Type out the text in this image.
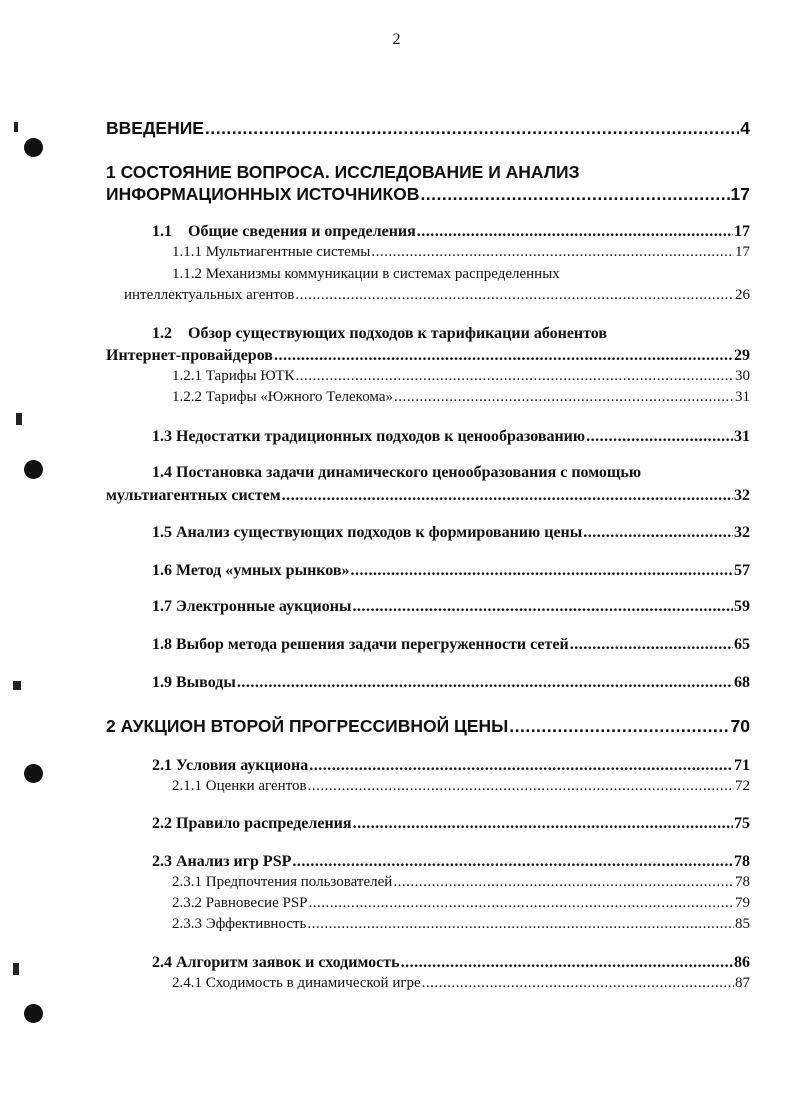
2
ВВЕДЕНИЕ .....	4
1 СОСТОЯНИЕ ВОПРОСА. ИССЛЕДОВАНИЕ И АНАЛИЗ
ИНФОРМАЦИОННЫХ ИСТОЧНИКОВ .....	17
1.1    Общие сведения и определения .....	17
1.1.1 Мультиагентные системы .....	17
1.1.2 Механизмы коммуникации в системах распределенных
интеллектуальных агентов .....	26
1.2    Обзор существующих подходов к тарификации абонентов
Интернет-провайдеров .....	29
1.2.1 Тарифы ЮТК .....	30
1.2.2 Тарифы «Южного Телекома» .....	31
1.3 Недостатки традиционных подходов к ценообразованию .....	31
1.4 Постановка задачи динамического ценообразования с помощью
мультиагентных систем .....	32
1.5 Анализ существующих подходов к формированию цены .....	32
1.6 Метод «умных рынков» .....	57
1.7 Электронные аукционы .....	59
1.8 Выбор метода решения задачи перегруженности сетей .....	65
1.9 Выводы .....	68
2 АУКЦИОН ВТОРОЙ ПРОГРЕССИВНОЙ ЦЕНЫ .....	70
2.1 Условия аукциона .....	71
2.1.1 Оценки агентов .....	72
2.2 Правило распределения .....	75
2.3 Анализ игр PSP .....	78
2.3.1 Предпочтения пользователей .....	78
2.3.2 Равновесие PSP .....	79
2.3.3 Эффективность .....	85
2.4 Алгоритм заявок и сходимость .....	86
2.4.1 Сходимость в динамической игре .....	87
